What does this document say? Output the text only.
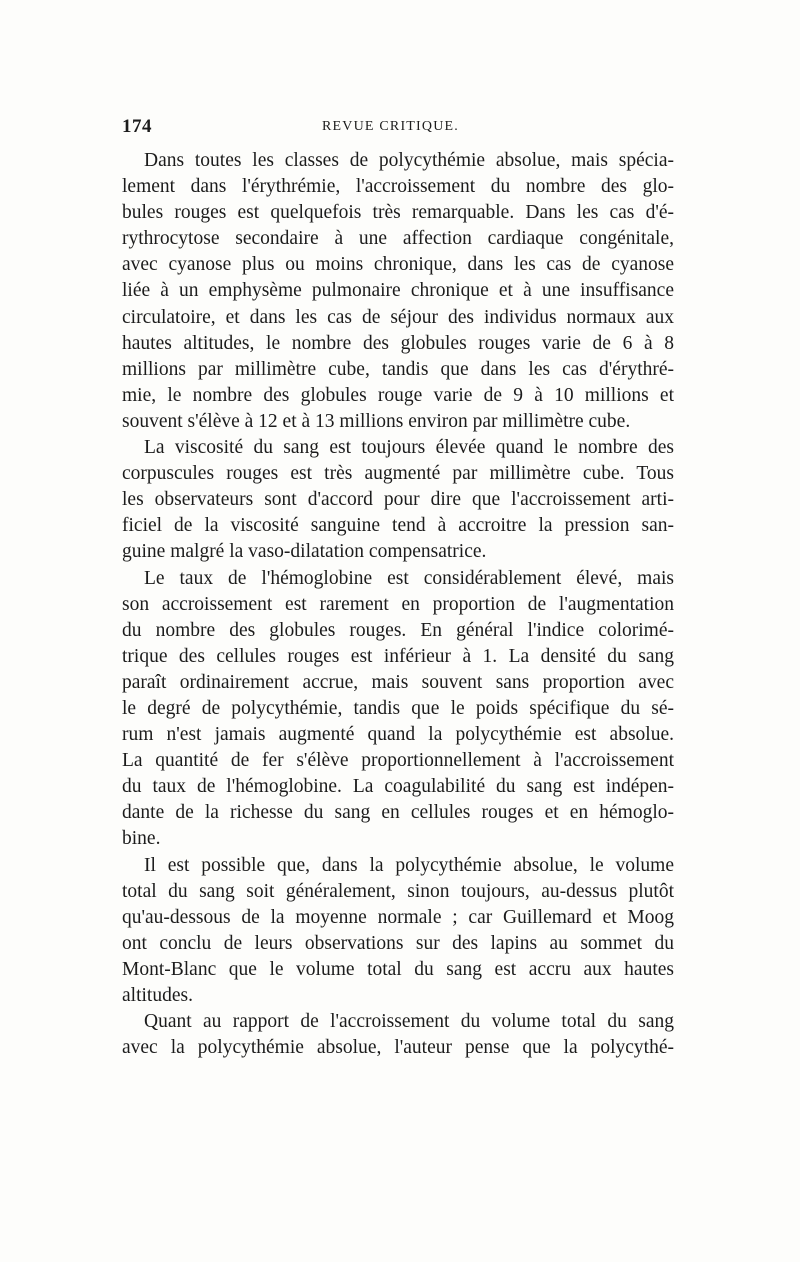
174	REVUE CRITIQUE.
Dans toutes les classes de polycythémie absolue, mais spécia-
lement dans l'érythrémie, l'accroissement du nombre des glo-
bules rouges est quelquefois très remarquable. Dans les cas d'é-
rythrocytose secondaire à une affection cardiaque congénitale,
avec cyanose plus ou moins chronique, dans les cas de cyanose
liée à un emphysème pulmonaire chronique et à une insuffisance
circulatoire, et dans les cas de séjour des individus normaux aux
hautes altitudes, le nombre des globules rouges varie de 6 à 8
millions par millimètre cube, tandis que dans les cas d'érythré-
mie, le nombre des globules rouge varie de 9 à 10 millions et
souvent s'élève à 12 et à 13 millions environ par millimètre cube.
La viscosité du sang est toujours élevée quand le nombre des
corpuscules rouges est très augmenté par millimètre cube. Tous
les observateurs sont d'accord pour dire que l'accroissement arti-
ficiel de la viscosité sanguine tend à accroitre la pression san-
guine malgré la vaso-dilatation compensatrice.
Le taux de l'hémoglobine est considérablement élevé, mais
son accroissement est rarement en proportion de l'augmentation
du nombre des globules rouges. En général l'indice colorimé-
trique des cellules rouges est inférieur à 1. La densité du sang
paraît ordinairement accrue, mais souvent sans proportion avec
le degré de polycythémie, tandis que le poids spécifique du sé-
rum n'est jamais augmenté quand la polycythémie est absolue.
La quantité de fer s'élève proportionnellement à l'accroissement
du taux de l'hémoglobine. La coagulabilité du sang est indépen-
dante de la richesse du sang en cellules rouges et en hémoglo-
bine.
Il est possible que, dans la polycythémie absolue, le volume
total du sang soit généralement, sinon toujours, au-dessus plutôt
qu'au-dessous de la moyenne normale ; car Guillemard et Moog
ont conclu de leurs observations sur des lapins au sommet du
Mont-Blanc que le volume total du sang est accru aux hautes
altitudes.
Quant au rapport de l'accroissement du volume total du sang
avec la polycythémie absolue, l'auteur pense que la polycythé-
